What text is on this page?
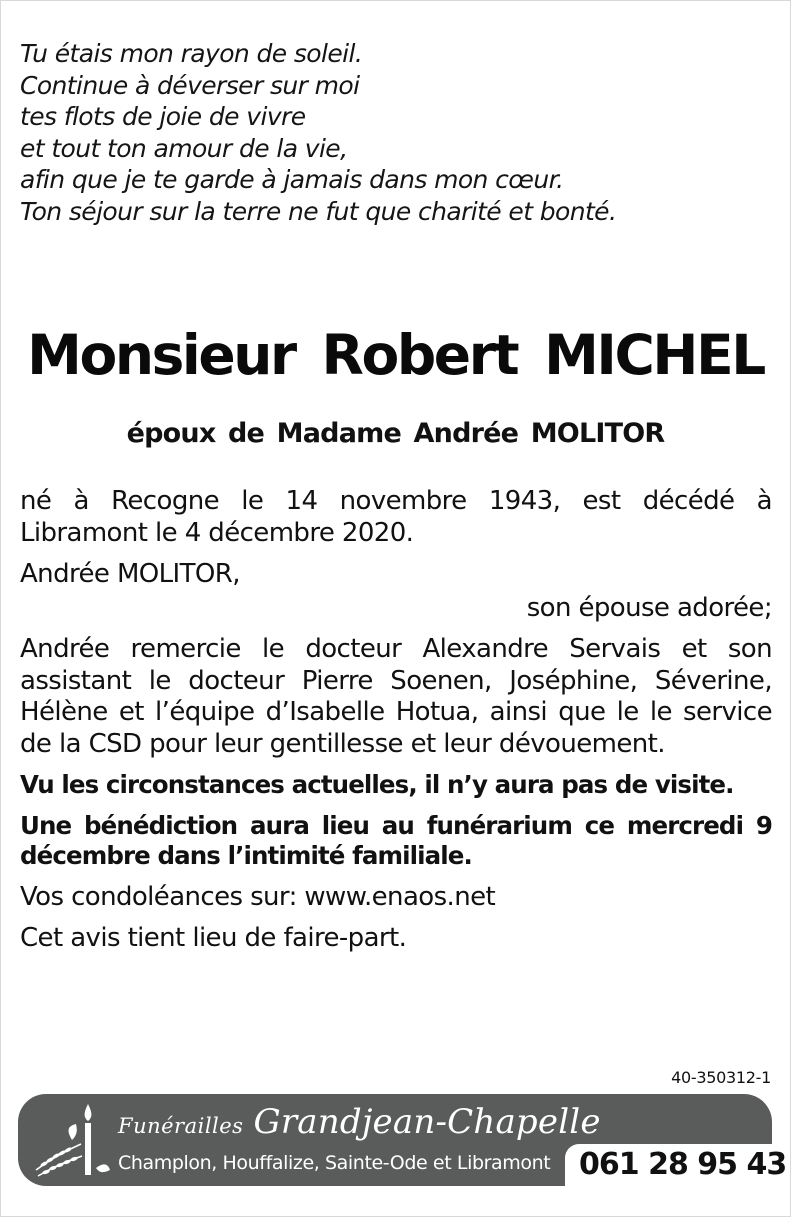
Tu étais mon rayon de soleil.
Continue à déverser sur moi
tes flots de joie de vivre
et tout ton amour de la vie,
afin que je te garde à jamais dans mon cœur.
Ton séjour sur la terre ne fut que charité et bonté.
Monsieur Robert MICHEL
époux de Madame Andrée MOLITOR

né à Recogne le 14 novembre 1943, est décédé à Libramont le 4 décembre 2020.

Andrée MOLITOR,

son épouse adorée;

Andrée remercie le docteur Alexandre Servais et son assistant le docteur Pierre Soenen, Joséphine, Séverine, Hélène et l’équipe d’Isabelle Hotua, ainsi que le le service de la CSD pour leur gentillesse et leur dévouement.

Vu les circonstances actuelles, il n’y aura pas de visite.

Une bénédiction aura lieu au funérarium ce mercredi 9 décembre dans l’intimité familiale.

Vos condoléances sur: www.enaos.net

Cet avis tient lieu de faire-part.

40-350312-1
Funérailles Grandjean-Chapelle
Champlon, Houffalize, Sainte-Ode et Libramont 061 28 95 43
